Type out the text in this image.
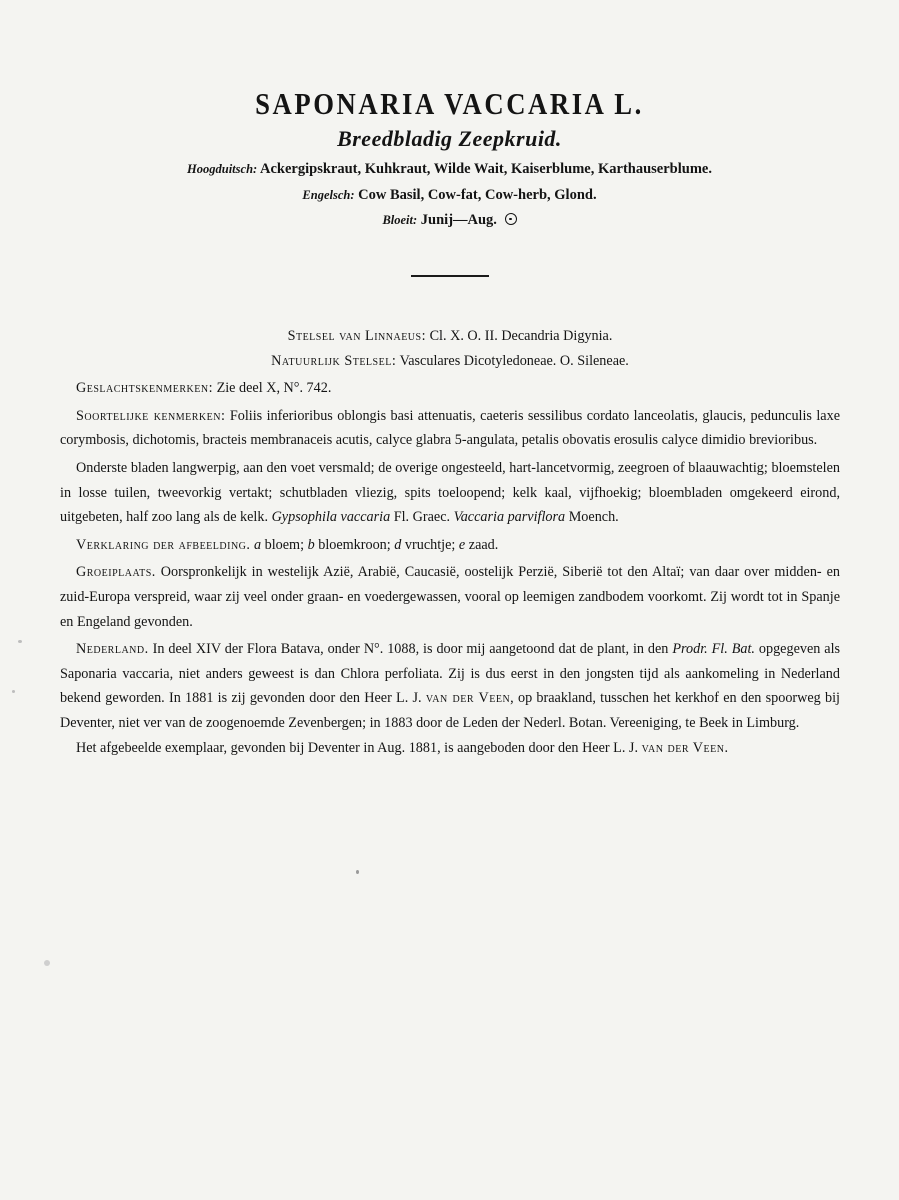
SAPONARIA VACCARIA L.
Breedbladig Zeepkruid.
Hoogduitsch: Ackergipskraut, Kuhkraut, Wilde Wait, Kaiserblume, Karthauserblume.
Engelsch: Cow Basil, Cow-fat, Cow-herb, Glond.
Bloeit: Junij—Aug.

Stelsel van Linnaeus: Cl. X. O. II. Decandria Digynia.

Natuurlijk Stelsel: Vasculares Dicotyledoneae. O. Sileneae.

Geslachtskenmerken: Zie deel X, N°. 742.

Soortelijke kenmerken: Foliis inferioribus oblongis basi attenuatis, caeteris sessilibus cordato lanceolatis, glaucis, pedunculis laxe corymbosis, dichotomis, bracteis membranaceis acutis, calyce glabra 5-angulata, petalis obovatis erosulis calyce dimidio brevioribus.

Onderste bladen langwerpig, aan den voet versmald; de overige ongesteeld, hart-lancetvormig, zeegroen of blaauwachtig; bloemstelen in losse tuilen, tweevorkig vertakt; schutbladen vliezig, spits toeloopend; kelk kaal, vijfhoekig; bloembladen omgekeerd eirond, uitgebeten, half zoo lang als de kelk. Gypsophila vaccaria Fl. Graec. Vaccaria parviflora Moench.

Verklaring der afbeelding. a bloem; b bloemkroon; d vruchtje; e zaad.

Groeiplaats. Oorspronkelijk in westelijk Azië, Arabië, Caucasië, oostelijk Perzië, Siberië tot den Altaï; van daar over midden- en zuid-Europa verspreid, waar zij veel onder graan- en voedergewassen, vooral op leemigen zandbodem voorkomt. Zij wordt tot in Spanje en Engeland gevonden.

Nederland. In deel XIV der Flora Batava, onder N°. 1088, is door mij aangetoond dat de plant, in den Prodr. Fl. Bat. opgegeven als Saponaria vaccaria, niet anders geweest is dan Chlora perfoliata. Zij is dus eerst in den jongsten tijd als aankomeling in Nederland bekend geworden. In 1881 is zij gevonden door den Heer L. J. van der Veen, op braakland, tusschen het kerkhof en den spoorweg bij Deventer, niet ver van de zoogenoemde Zevenbergen; in 1883 door de Leden der Nederl. Botan. Vereeniging, te Beek in Limburg.

Het afgebeelde exemplaar, gevonden bij Deventer in Aug. 1881, is aangeboden door den Heer L. J. van der Veen.
